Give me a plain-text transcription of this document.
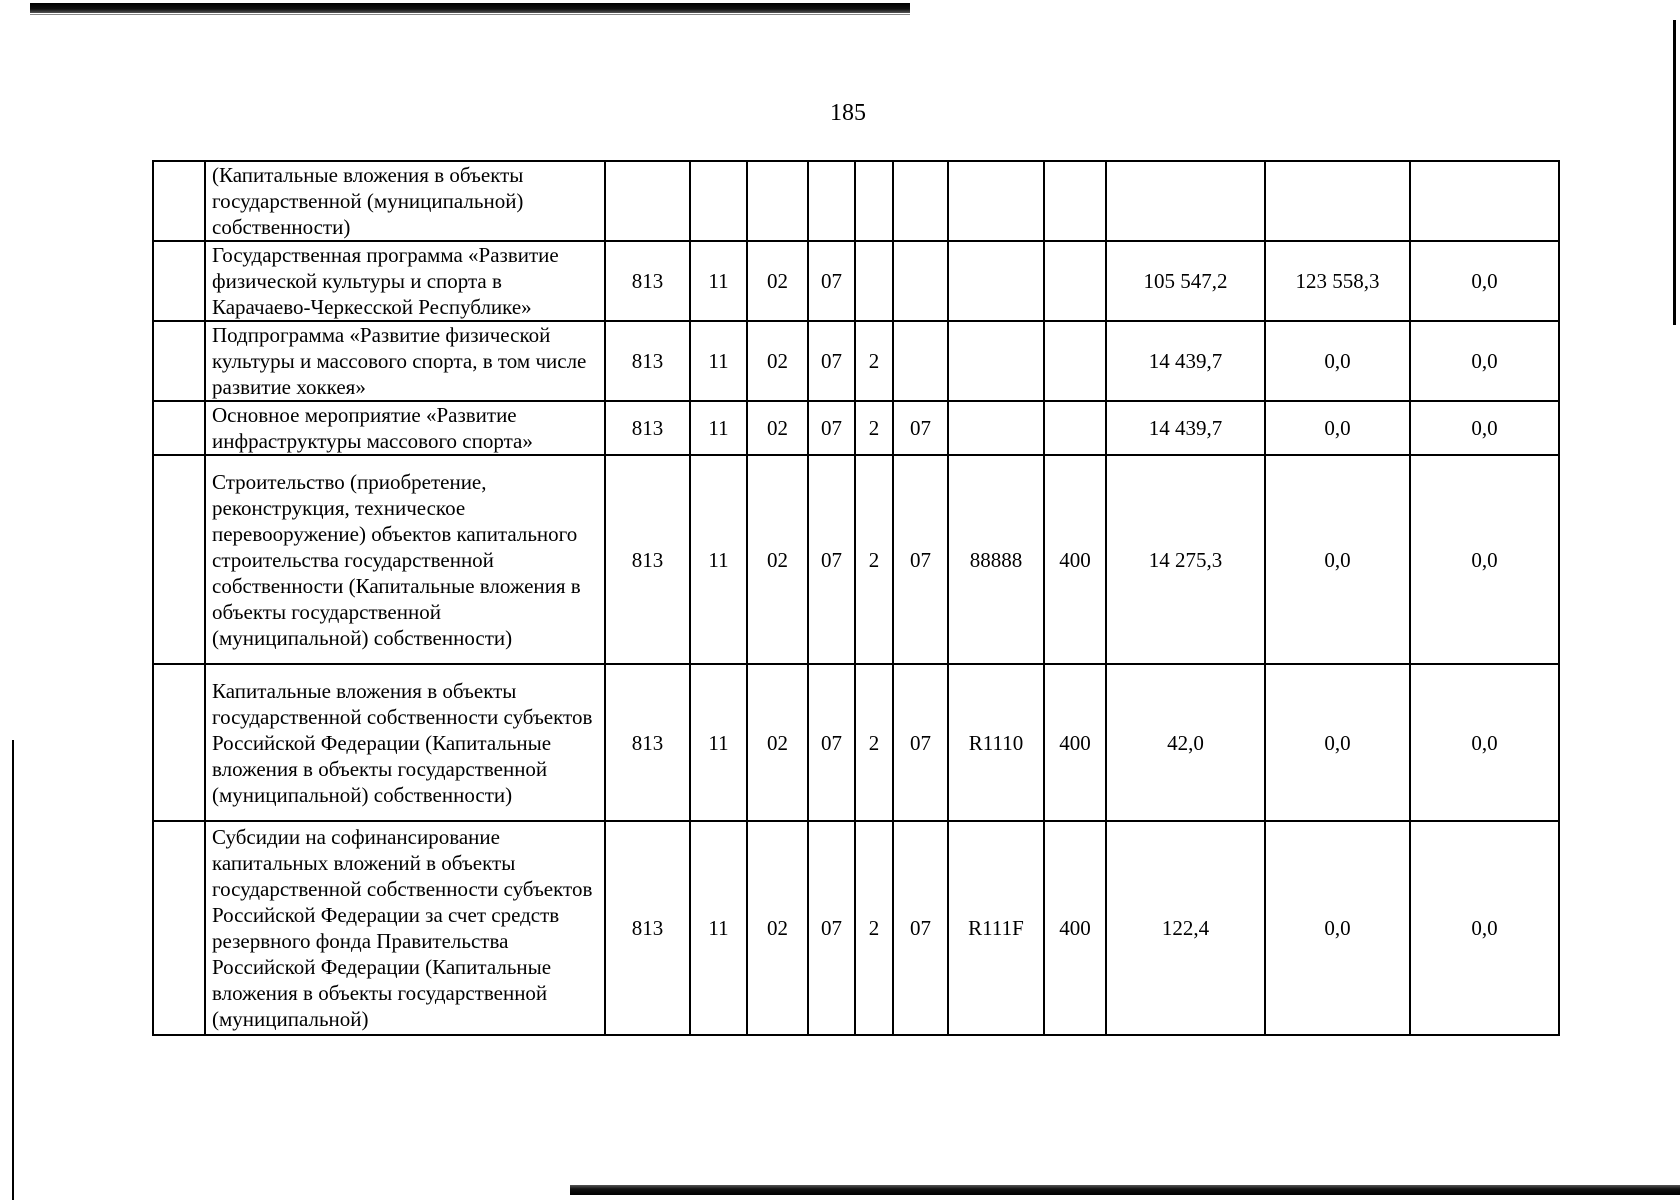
185
	(Капитальные вложения в объекты государственной (муниципальной) собственности)											
	Государственная программа «Развитие физической культуры и спорта в Карачаево-Черкесской Республике»	813	11	02	07					105 547,2	123 558,3	0,0
	Подпрограмма «Развитие физической культуры и массового спорта, в том числе развитие хоккея»	813	11	02	07	2				14 439,7	0,0	0,0
	Основное мероприятие «Развитие инфраструктуры массового спорта»	813	11	02	07	2	07			14 439,7	0,0	0,0
	Строительство (приобретение, реконструкция, техническое перевооружение) объектов капитального строительства государственной собственности (Капитальные вложения в объекты государственной (муниципальной) собственности)	813	11	02	07	2	07	88888	400	14 275,3	0,0	0,0
	Капитальные вложения в объекты государственной собственности субъектов Российской Федерации (Капитальные вложения в объекты государственной (муниципальной) собственности)	813	11	02	07	2	07	R1110	400	42,0	0,0	0,0
	Субсидии на софинансирование капитальных вложений в объекты государственной собственности субъектов Российской Федерации за счет средств резервного фонда Правительства Российской Федерации (Капитальные вложения в объекты государственной (муниципальной)	813	11	02	07	2	07	R111F	400	122,4	0,0	0,0
